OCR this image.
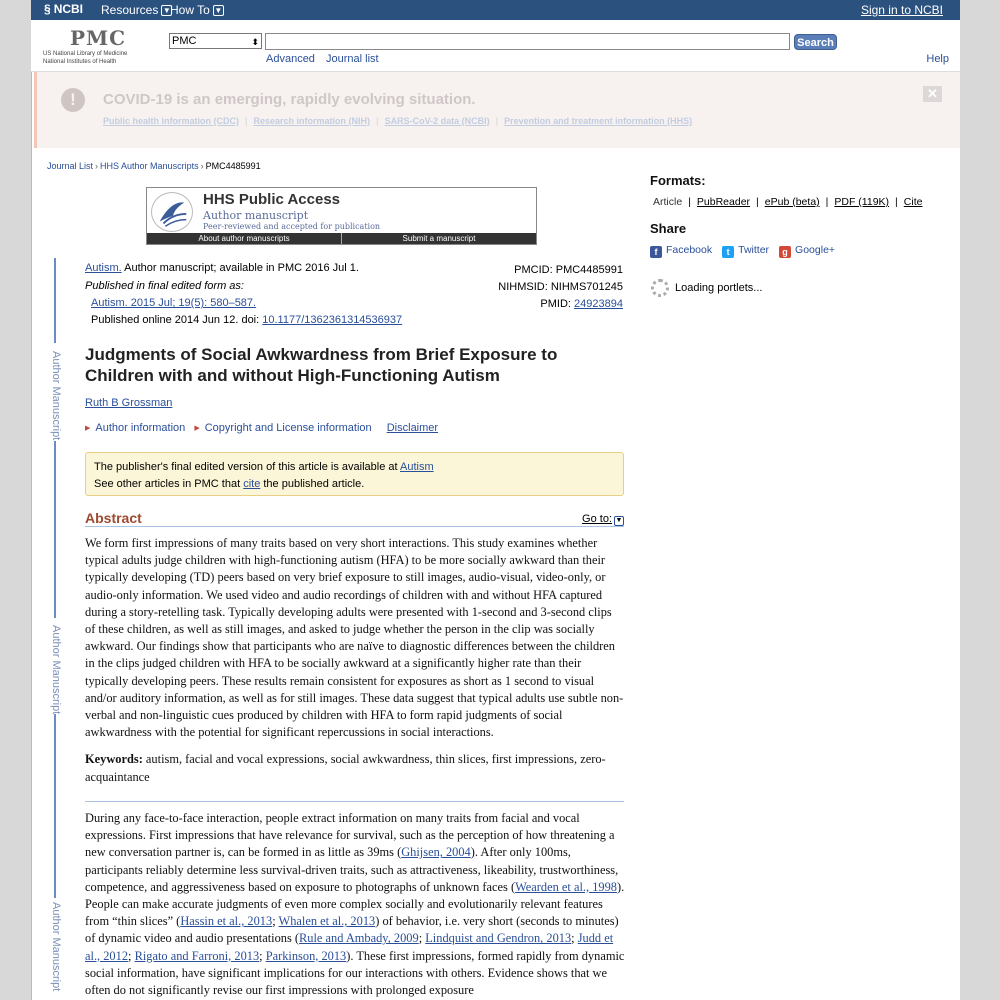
§ NCBI Resources ▼ How To ▼	Sign in to NCBI
PMC
US National Library of Medicine
National Institutes of Health
PMC	⬍	Search
Advanced Journal list	Help
!	COVID-19 is an emerging, rapidly evolving situation.
Public health information (CDC) | Research information (NIH) | SARS-CoV-2 data (NCBI) | Prevention and treatment information (HHS)
✕
Journal List › HHS Author Manuscripts › PMC4485991
HHS Public Access
Author manuscript
Peer-reviewed and accepted for publication
About author manuscripts	Submit a manuscript
Author Manuscript
Author Manuscript
Author Manuscript
Autism. Author manuscript; available in PMC 2016 Jul 1.
Published in final edited form as:
Autism. 2015 Jul; 19(5): 580–587.
Published online 2014 Jun 12. doi: 10.1177/1362361314536937
PMCID: PMC4485991
NIHMSID: NIHMS701245
PMID: 24923894
Judgments of Social Awkwardness from Brief Exposure to Children with and without High-Functioning Autism
Ruth B Grossman
▶ Author information ▶ Copyright and License information Disclaimer
The publisher's final edited version of this article is available at Autism
See other articles in PMC that cite the published article.
Abstract	Go to: ▼
We form first impressions of many traits based on very short interactions. This study examines whether typical adults judge children with high-functioning autism (HFA) to be more socially awkward than their typically developing (TD) peers based on very brief exposure to still images, audio-visual, video-only, or audio-only information. We used video and audio recordings of children with and without HFA captured during a story-retelling task. Typically developing adults were presented with 1-second and 3-second clips of these children, as well as still images, and asked to judge whether the person in the clip was socially awkward. Our findings show that participants who are naïve to diagnostic differences between the children in the clips judged children with HFA to be socially awkward at a significantly higher rate than their typically developing peers. These results remain consistent for exposures as short as 1 second to visual and/or auditory information, as well as for still images. These data suggest that typical adults use subtle non-verbal and non-linguistic cues produced by children with HFA to form rapid judgments of social awkwardness with the potential for significant repercussions in social interactions.
Keywords: autism, facial and vocal expressions, social awkwardness, thin slices, first impressions, zero-acquaintance
During any face-to-face interaction, people extract information on many traits from facial and vocal expressions. First impressions that have relevance for survival, such as the perception of how threatening a new conversation partner is, can be formed in as little as 39ms (Ghijsen, 2004). After only 100ms, participants reliably determine less survival-driven traits, such as attractiveness, likeability, trustworthiness, competence, and aggressiveness based on exposure to photographs of unknown faces (Wearden et al., 1998). People can make accurate judgments of even more complex socially and evolutionarily relevant features from “thin slices” (Hassin et al., 2013; Whalen et al., 2013) of behavior, i.e. very short (seconds to minutes) of dynamic video and audio presentations (Rule and Ambady, 2009; Lindquist and Gendron, 2013; Judd et al., 2012; Rigato and Farroni, 2013; Parkinson, 2013). These first impressions, formed rapidly from dynamic social information, have significant implications for our interactions with others. Evidence shows that we often do not significantly revise our first impressions with prolonged exposure
Formats:
Article | PubReader | ePub (beta) | PDF (119K) | Cite
Share
f Facebook	t Twitter	g Google+
Loading portlets...
